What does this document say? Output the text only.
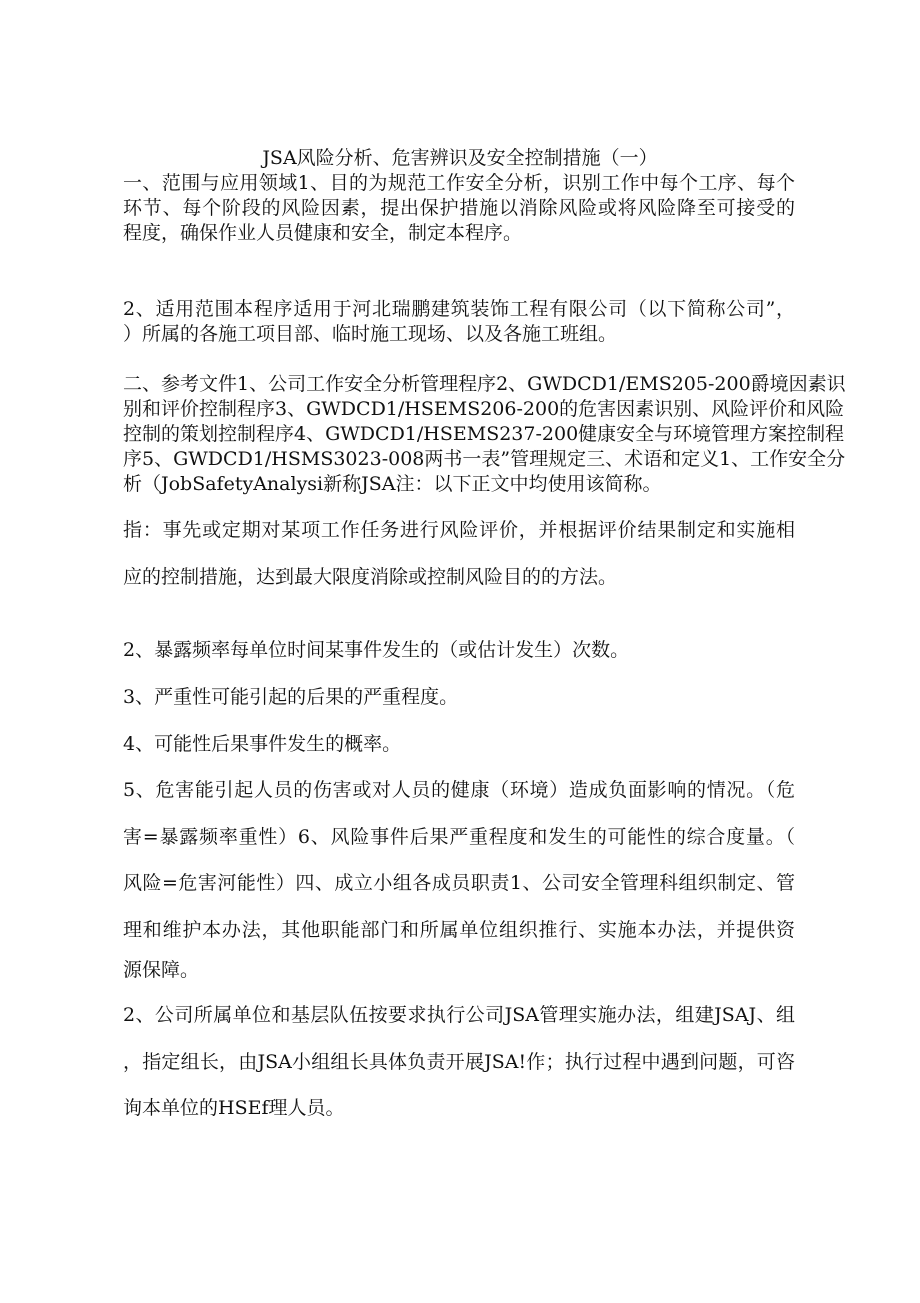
JSA风险分析、危害辨识及安全控制措施（一）
一、范围与应用领域1、目的为规范工作安全分析，识别工作中每个工序、每个
环节、每个阶段的风险因素，提出保护措施以消除风险或将风险降至可接受的
程度，确保作业人员健康和安全，制定本程序。
2、适用范围本程序适用于河北瑞鹏建筑装饰工程有限公司（以下简称公司”，
）所属的各施工项目部、临时施工现场、以及各施工班组。
二、参考文件1、公司工作安全分析管理程序2、GWDCD1/EMS205-200爵境因素识
别和评价控制程序3、GWDCD1/HSEMS206-200的危害因素识别、风险评价和风险
控制的策划控制程序4、GWDCD1/HSEMS237-200健康安全与环境管理方案控制程
序5、GWDCD1/HSMS3023-008两书一表”管理规定三、术语和定义1、工作安全分
析（JobSafetyAnalysi新称JSA注：以下正文中均使用该简称。
指：事先或定期对某项工作任务进行风险评价，并根据评价结果制定和实施相
应的控制措施，达到最大限度消除或控制风险目的的方法。
2、暴露频率每单位时间某事件发生的（或估计发生）次数。
3、严重性可能引起的后果的严重程度。
4、可能性后果事件发生的概率。
5、危害能引起人员的伤害或对人员的健康（环境）造成负面影响的情况。（危
害=暴露频率重性）6、风险事件后果严重程度和发生的可能性的综合度量。（
风险=危害河能性）四、成立小组各成员职责1、公司安全管理科组织制定、管
理和维护本办法，其他职能部门和所属单位组织推行、实施本办法，并提供资
源保障。
2、公司所属单位和基层队伍按要求执行公司JSA管理实施办法，组建JSAJ、组
，指定组长，由JSA小组组长具体负责开展JSA!作；执行过程中遇到问题，可咨
询本单位的HSEf理人员。
